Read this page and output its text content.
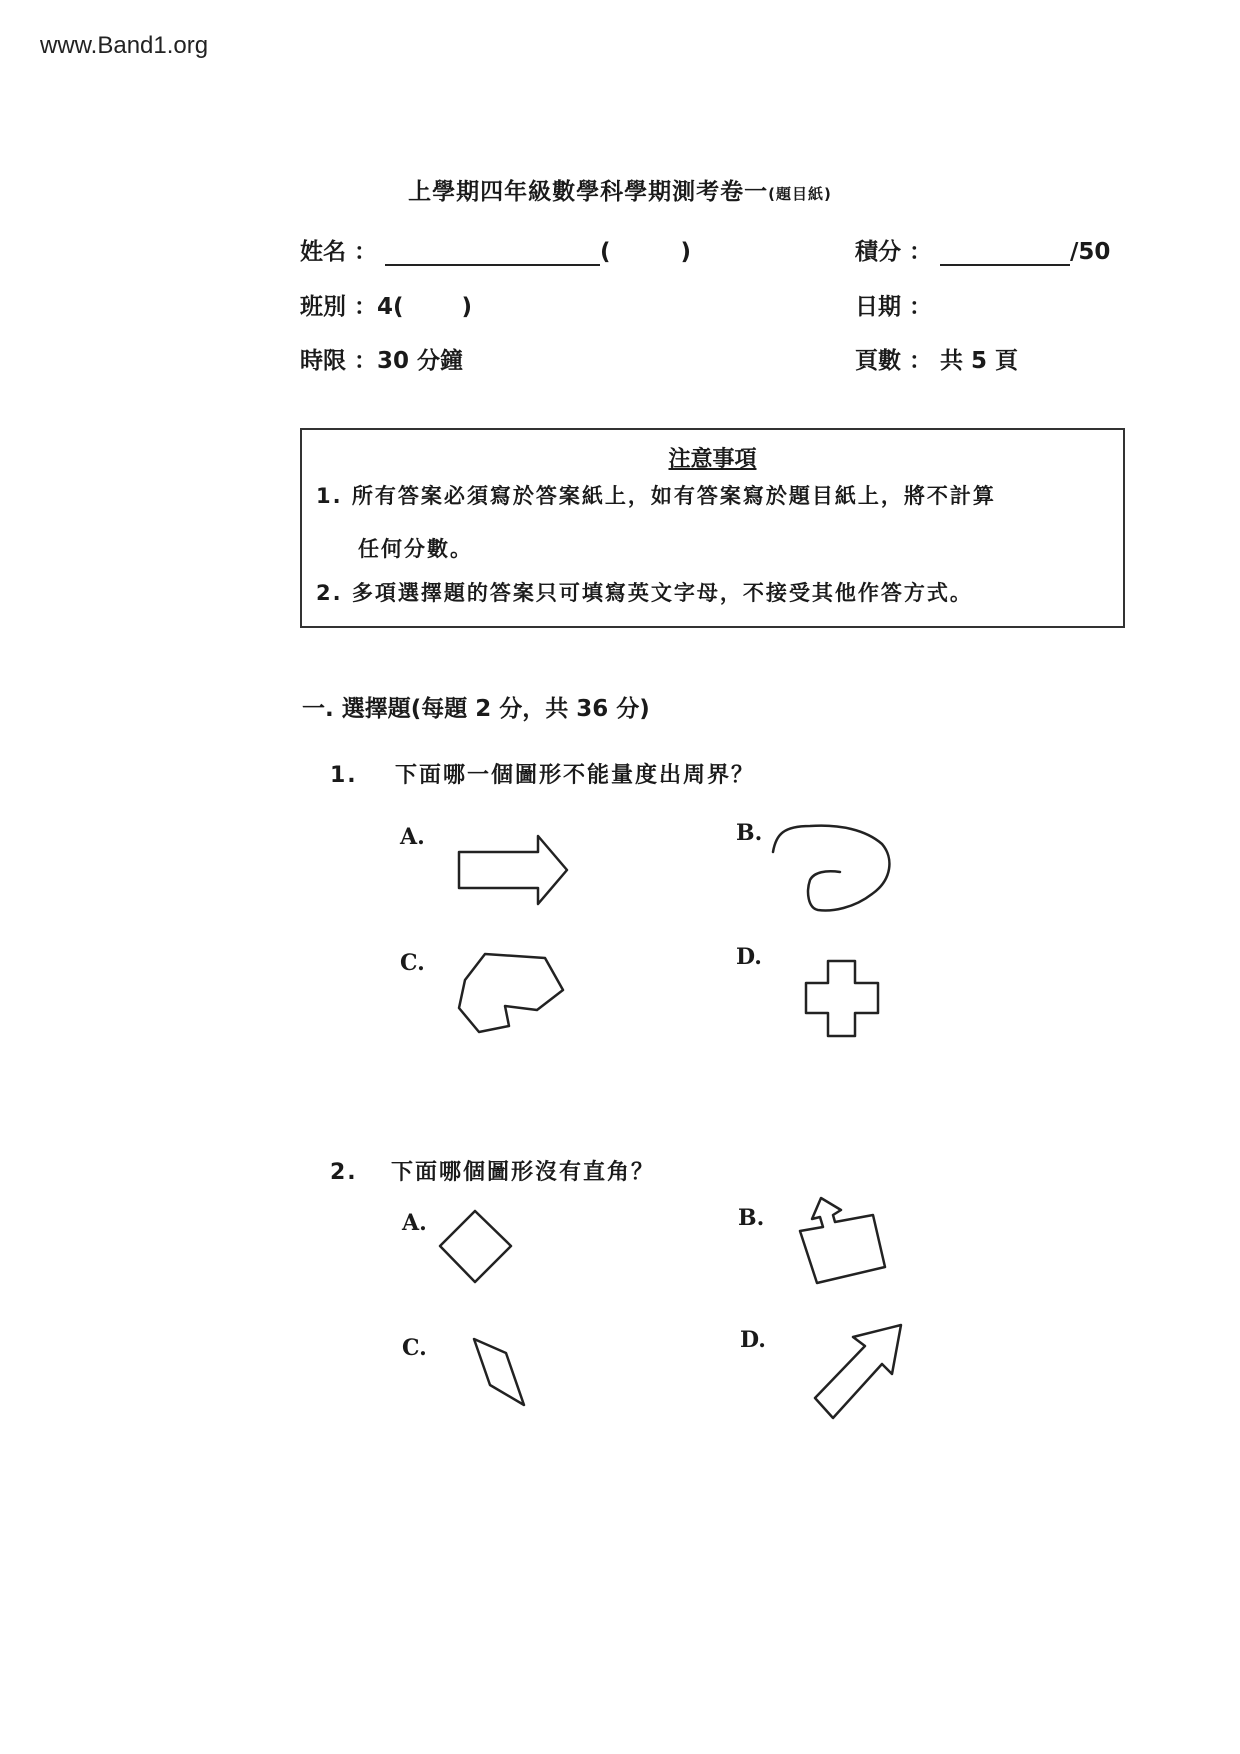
www.Band1.org
上學期四年級數學科學期測考卷一(題目紙)
姓名 ：	(	)	積分 ：	/50
班別 ：4(	)	日期 ：
時限 ：30 分鐘	頁數 ： 共 5 頁
注意事項
1. 所有答案必須寫於答案紙上，如有答案寫於題目紙上，將不計算
任何分數。
2. 多項選擇題的答案只可填寫英文字母，不接受其他作答方式。
一. 選擇題(每題 2 分，共 36 分)
1. 下面哪一個圖形不能量度出周界？
A.	B.
C.	D.
2. 下面哪個圖形沒有直角？
A.	B.
C.	D.
